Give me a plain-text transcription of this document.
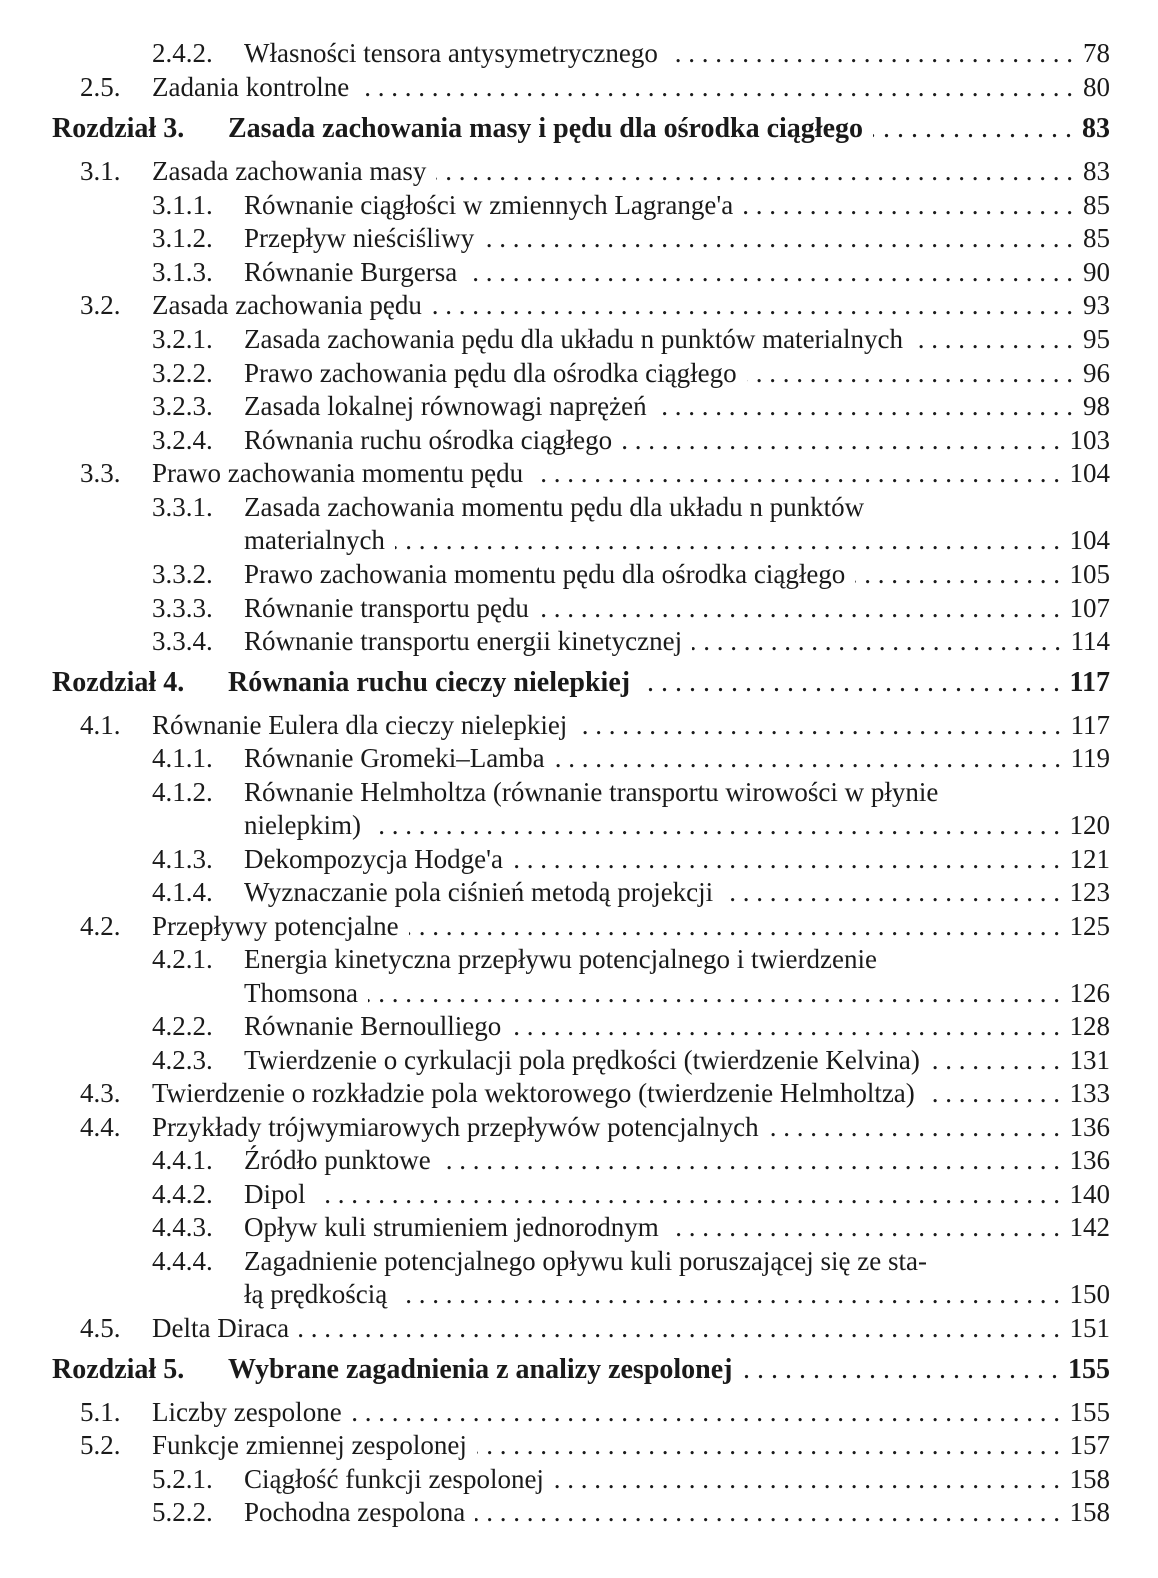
2.4.2. Własności tensora antysymetrycznego . . .	78
2.5. Zadania kontrolne . . .	80
Rozdział 3. Zasada zachowania masy i pędu dla ośrodka ciągłego . . .	83
3.1. Zasada zachowania masy . . .	83
3.1.1. Równanie ciągłości w zmiennych Lagrange'a . . .	85
3.1.2. Przepływ nieściśliwy . . .	85
3.1.3. Równanie Burgersa . . .	90
3.2. Zasada zachowania pędu . . .	93
3.2.1. Zasada zachowania pędu dla układu n punktów materialnych . . .	95
3.2.2. Prawo zachowania pędu dla ośrodka ciągłego . . .	96
3.2.3. Zasada lokalnej równowagi naprężeń . . .	98
3.2.4. Równania ruchu ośrodka ciągłego . . .	103
3.3. Prawo zachowania momentu pędu . . .	104
3.3.1. Zasada zachowania momentu pędu dla układu n punktów
materialnych . . .	104
3.3.2. Prawo zachowania momentu pędu dla ośrodka ciągłego . . .	105
3.3.3. Równanie transportu pędu . . .	107
3.3.4. Równanie transportu energii kinetycznej . . .	114
Rozdział 4. Równania ruchu cieczy nielepkiej . . .	117
4.1. Równanie Eulera dla cieczy nielepkiej . . .	117
4.1.1. Równanie Gromeki–Lamba . . .	119
4.1.2. Równanie Helmholtza (równanie transportu wirowości w płynie
nielepkim) . . .	120
4.1.3. Dekompozycja Hodge'a . . .	121
4.1.4. Wyznaczanie pola ciśnień metodą projekcji . . .	123
4.2. Przepływy potencjalne . . .	125
4.2.1. Energia kinetyczna przepływu potencjalnego i twierdzenie
Thomsona . . .	126
4.2.2. Równanie Bernoulliego . . .	128
4.2.3. Twierdzenie o cyrkulacji pola prędkości (twierdzenie Kelvina) . . .	131
4.3. Twierdzenie o rozkładzie pola wektorowego (twierdzenie Helmholtza) . . .	133
4.4. Przykłady trójwymiarowych przepływów potencjalnych . . .	136
4.4.1. Źródło punktowe . . .	136
4.4.2. Dipol . . .	140
4.4.3. Opływ kuli strumieniem jednorodnym . . .	142
4.4.4. Zagadnienie potencjalnego opływu kuli poruszającej się ze sta-
łą prędkością . . .	150
4.5. Delta Diraca . . .	151
Rozdział 5. Wybrane zagadnienia z analizy zespolonej . . .	155
5.1. Liczby zespolone . . .	155
5.2. Funkcje zmiennej zespolonej . . .	157
5.2.1. Ciągłość funkcji zespolonej . . .	158
5.2.2. Pochodna zespolona . . .	158
